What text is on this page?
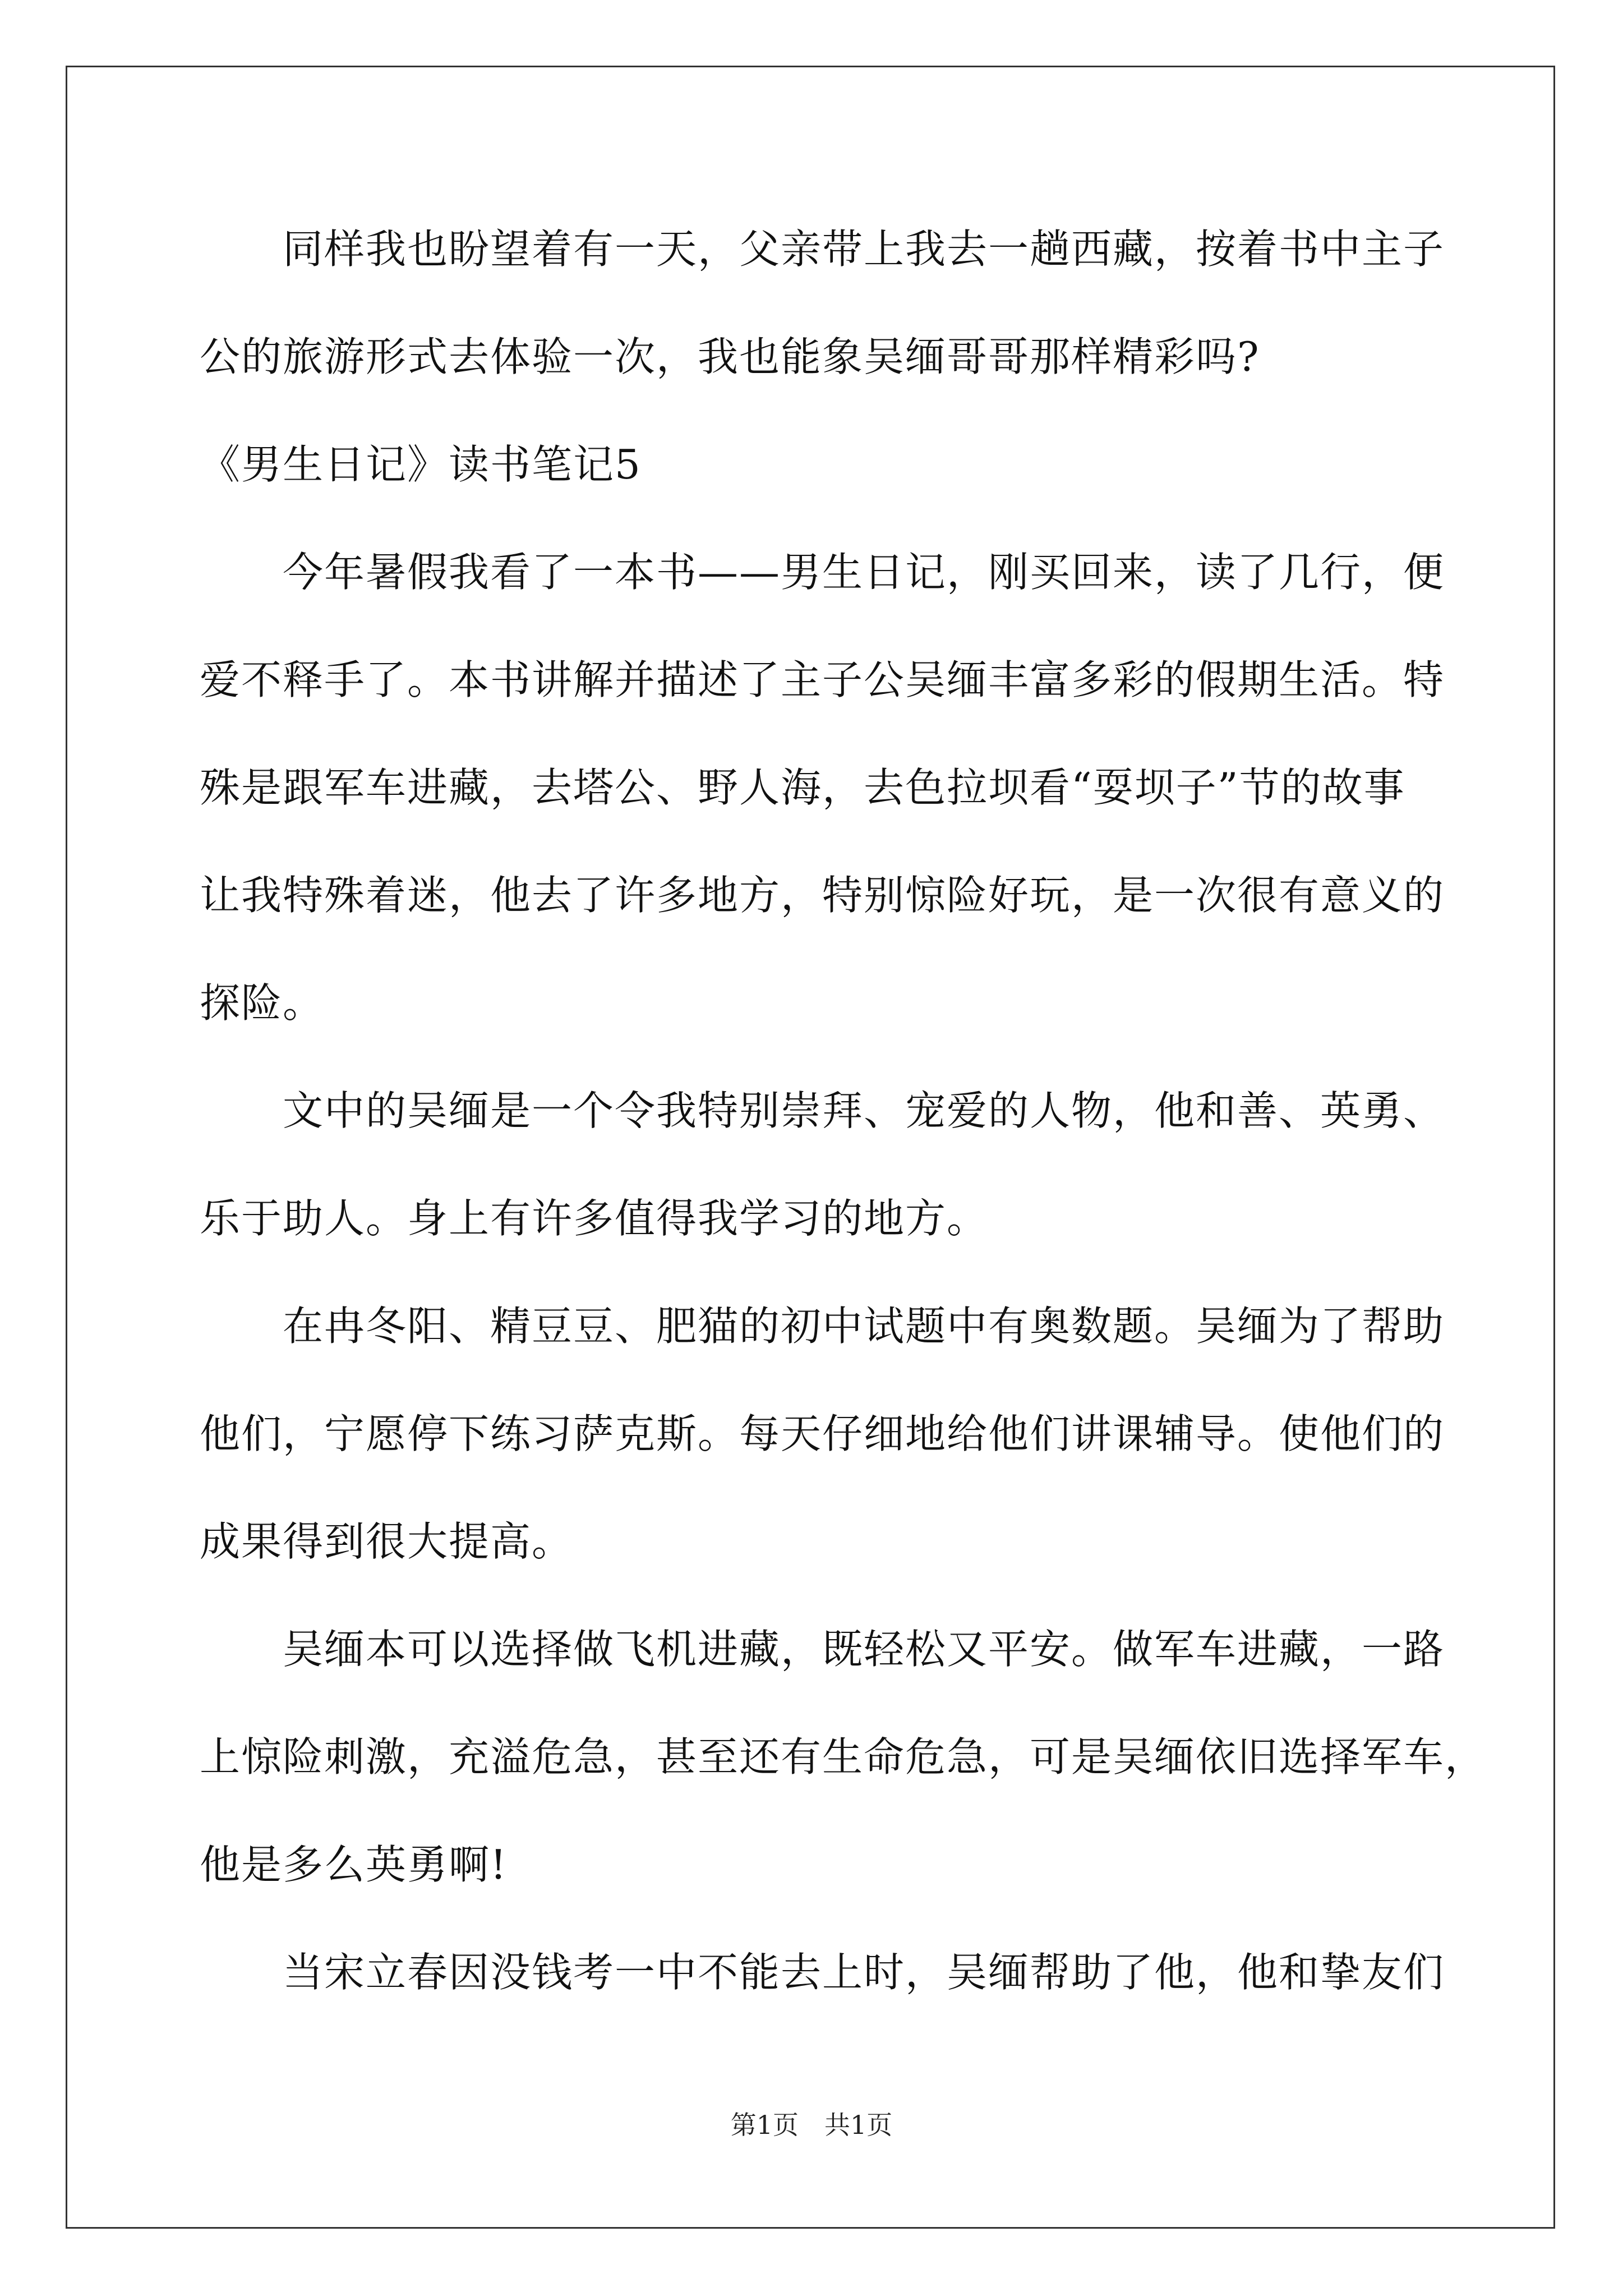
　　同样我也盼望着有一天，父亲带上我去一趟西藏，按着书中主子
公的旅游形式去体验一次，我也能象吴缅哥哥那样精彩吗?
《男生日记》读书笔记5
　　今年暑假我看了一本书——男生日记，刚买回来，读了几行，便
爱不释手了。本书讲解并描述了主子公吴缅丰富多彩的假期生活。特
殊是跟军车进藏，去塔公、野人海，去色拉坝看“耍坝子”节的故事
让我特殊着迷，他去了许多地方，特别惊险好玩，是一次很有意义的
探险。
　　文中的吴缅是一个令我特别崇拜、宠爱的人物，他和善、英勇、
乐于助人。身上有许多值得我学习的地方。
　　在冉冬阳、精豆豆、肥猫的初中试题中有奥数题。吴缅为了帮助
他们，宁愿停下练习萨克斯。每天仔细地给他们讲课辅导。使他们的
成果得到很大提高。
　　吴缅本可以选择做飞机进藏，既轻松又平安。做军车进藏，一路
上惊险刺激，充溢危急，甚至还有生命危急，可是吴缅依旧选择军车，
他是多么英勇啊!
　　当宋立春因没钱考一中不能去上时，吴缅帮助了他，他和挚友们
第1页　共1页
